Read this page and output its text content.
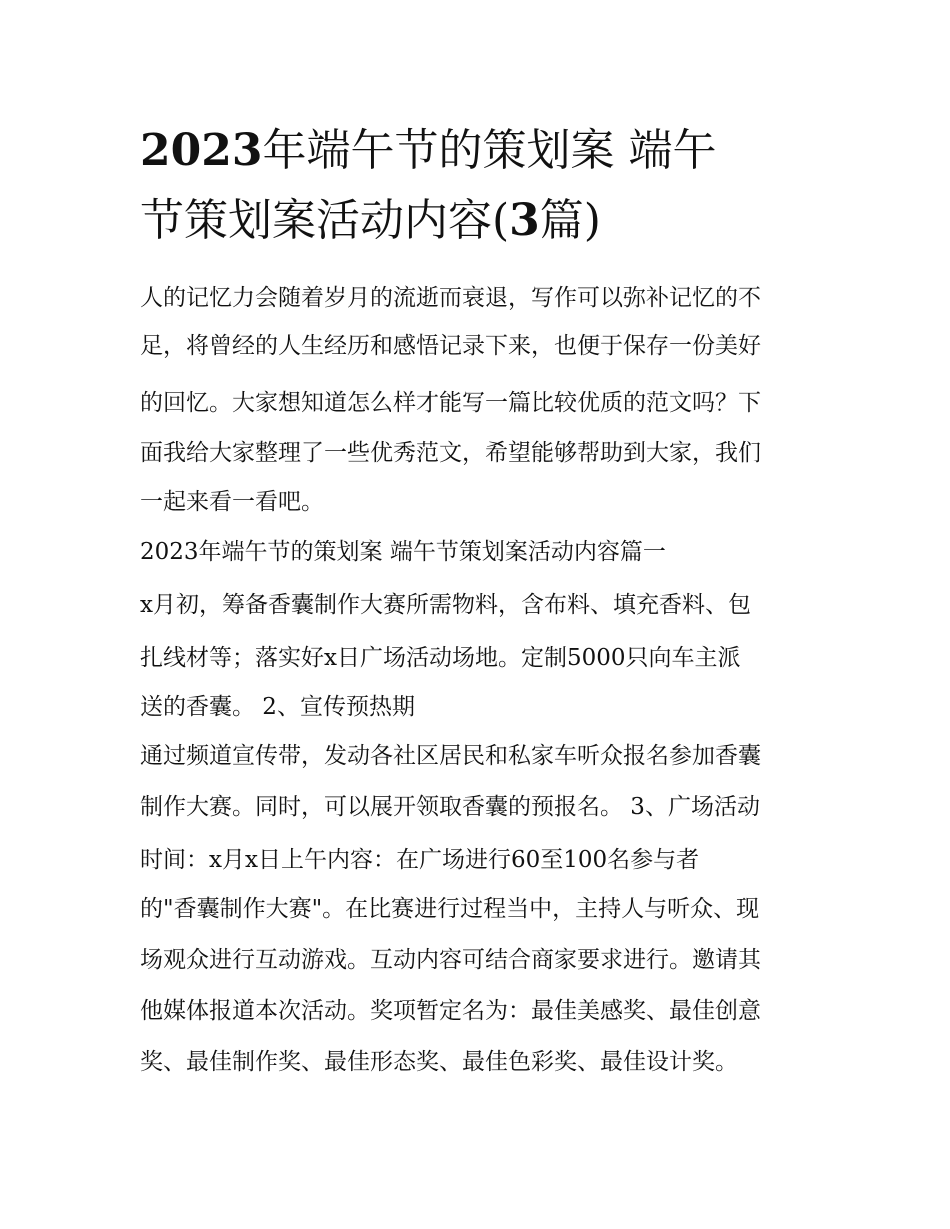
2023年端午节的策划案 端午
节策划案活动内容(3篇)

人的记忆力会随着岁月的流逝而衰退，写作可以弥补记忆的不

足，将曾经的人生经历和感悟记录下来，也便于保存一份美好

的回忆。大家想知道怎么样才能写一篇比较优质的范文吗？下

面我给大家整理了一些优秀范文，希望能够帮助到大家，我们

一起来看一看吧。

2023年端午节的策划案 端午节策划案活动内容篇一

x月初，筹备香囊制作大赛所需物料，含布料、填充香料、包

扎线材等；落实好x日广场活动场地。定制5000只向车主派

送的香囊。 2、宣传预热期

通过频道宣传带，发动各社区居民和私家车听众报名参加香囊

制作大赛。同时，可以展开领取香囊的预报名。 3、广场活动

时间：x月x日上午内容：在广场进行60至100名参与者

的"香囊制作大赛"。在比赛进行过程当中，主持人与听众、现

场观众进行互动游戏。互动内容可结合商家要求进行。邀请其

他媒体报道本次活动。奖项暂定名为：最佳美感奖、最佳创意

奖、最佳制作奖、最佳形态奖、最佳色彩奖、最佳设计奖。
